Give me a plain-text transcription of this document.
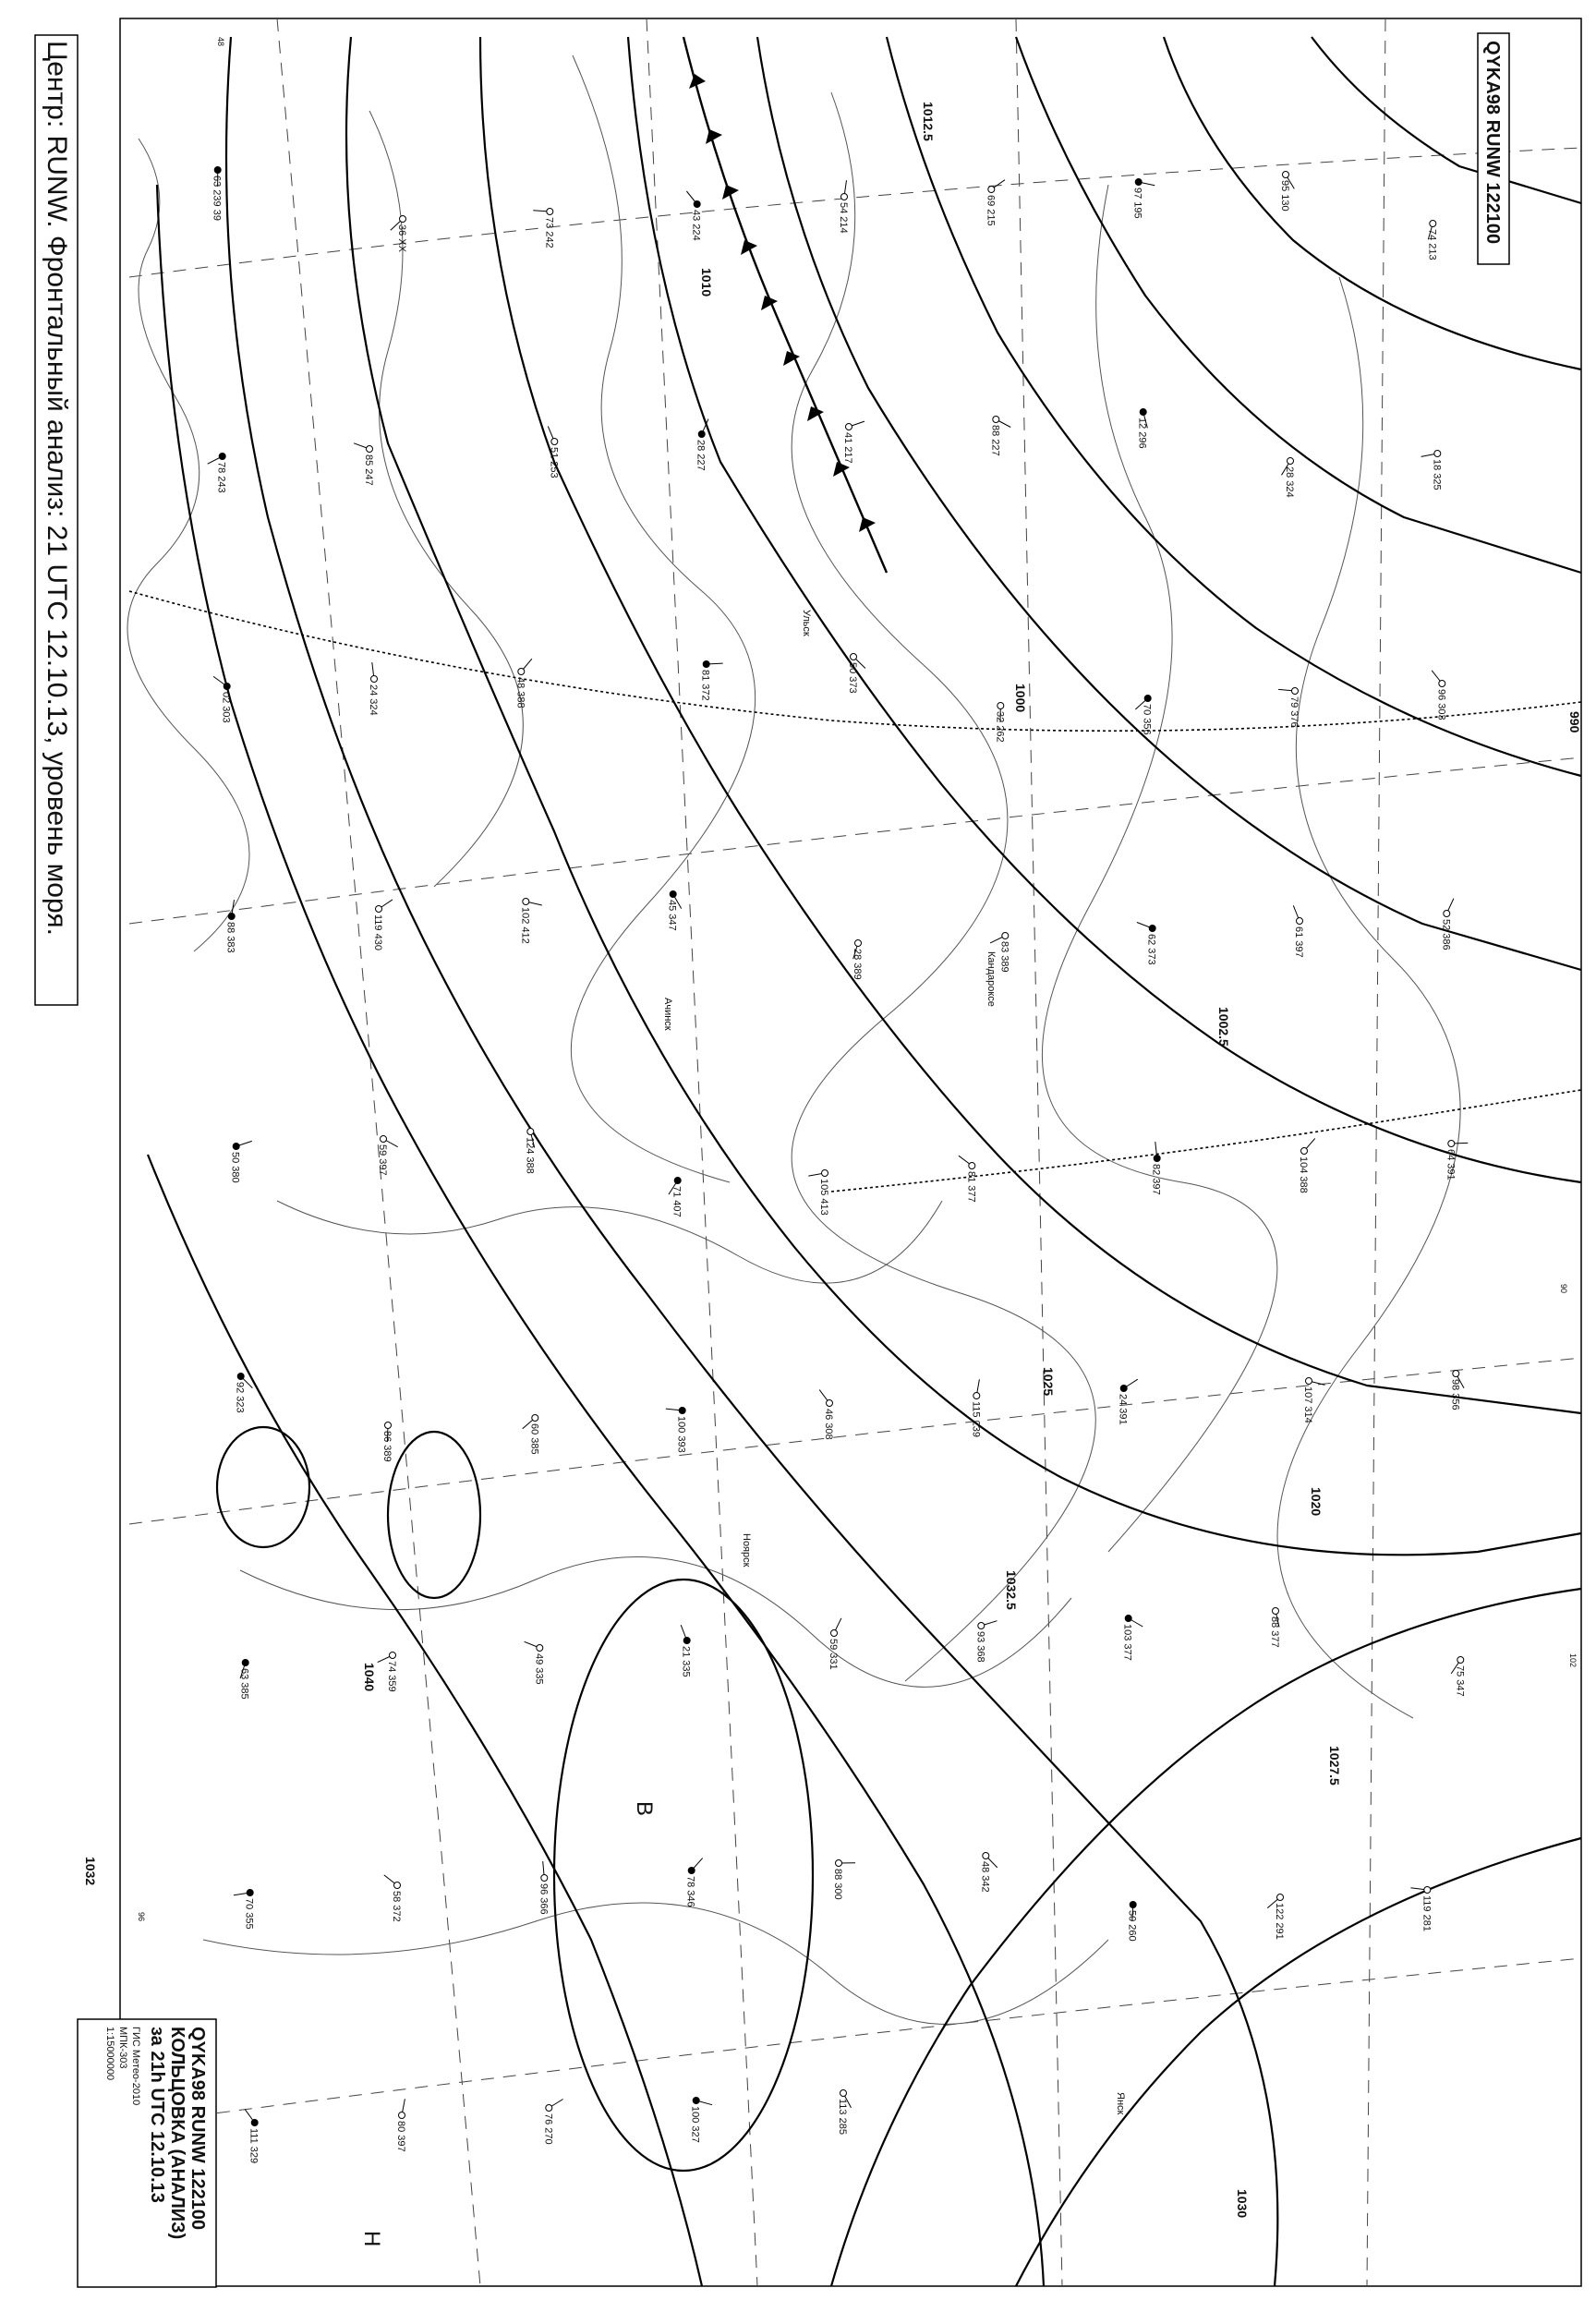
1012.5
1010
1000
1002.5
990
1025
1020
1032.5
1027.5
1040
1030
1032
48
96
90
102
В
Н
63 239 39
36 XX	73 242	43 224	54 214	69 215	97 195	95 130
74 213
78 243	85 247	51 253	28 227	41 217	88 227	12 296
28 324	18 325
02 303	24 324	48 388	81 372	50 373
32 262	70 356	79 376	96 303
88 383	119 430	102 412	45 347
28 389	83 389	62 373	61 397	52 386
50 380	59 397	124 388
71 407	105 413	81 377	82 397	104 388	64 391
92 323
86 389	60 385	100 393	46 308	115 239	24 391	107 314	98 356
63 385	74 359	49 335	21 335	59 331	93 368	103 377	88 377
75 347
70 355	58 372	96 366	78 346	88 300	48 342
50 260	122 291	119 281
111 329	80 397	76 270	100 327	113 285
Ульск
Кандароксе
Янск
Ачинск
Ноярск
Центр: RUNW. Фронтальный анализ: 21 UTC 12.10.13, уровень моря.	QYKA98 RUNW 122100
QYKA98 RUNW 122100
КОЛЬЦОВКА (АНАЛИЗ)
за 21h UTC 12.10.13
ГИС Метео-2010
МПК-303
1:15000000
